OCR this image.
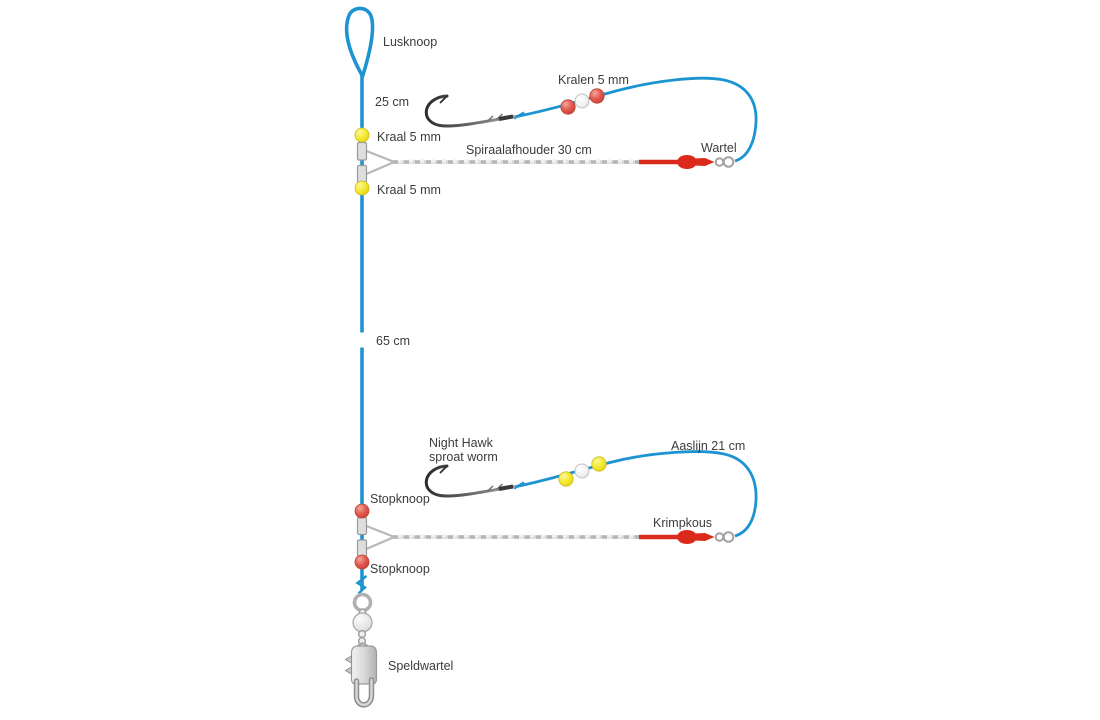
Lusknoop
25 cm
Kraal 5 mm
Kralen 5 mm
Spiraalafhouder 30 cm	Wartel
Kraal 5 mm
65 cm
Night Hawk
sproat worm
Aaslijn 21 cm
Stopknoop
Krimpkous
Stopknoop
Speldwartel
